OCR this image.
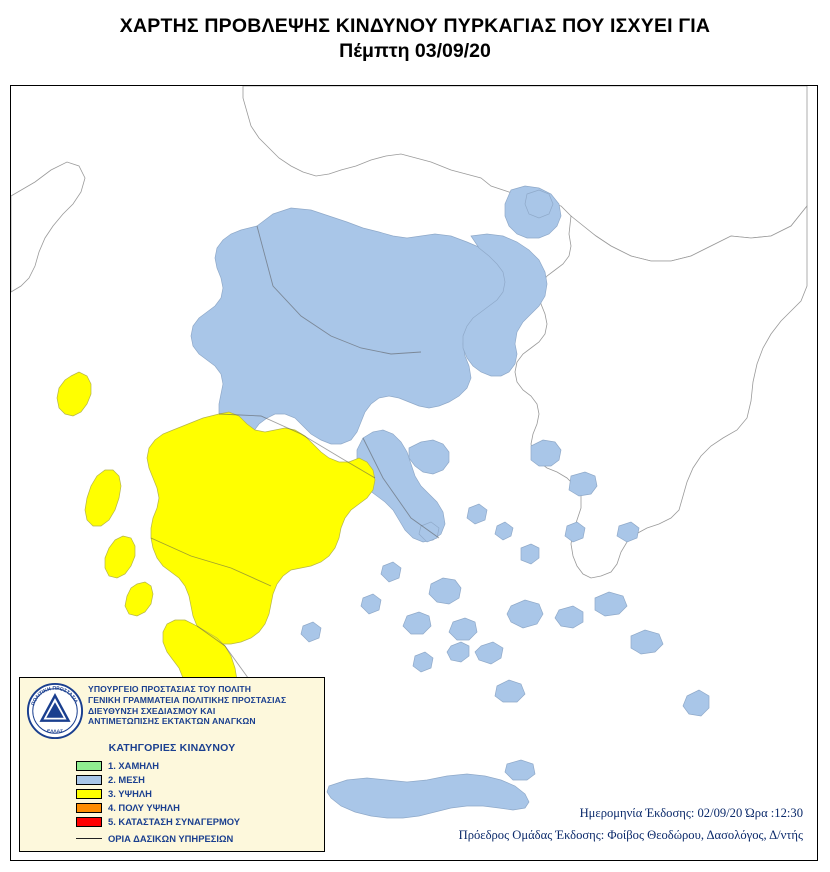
ΧΑΡΤΗΣ ΠΡΟΒΛΕΨΗΣ ΚΙΝΔΥΝΟΥ ΠΥΡΚΑΓΙΑΣ ΠΟΥ ΙΣΧΥΕΙ ΓΙΑ
Πέμπτη 03/09/20
ΠΟΛΙΤΙΚΗ ΠΡΟΣΤΑΣΙΑ
ΕΛΛΑΣ
ΥΠΟΥΡΓΕΙΟ ΠΡΟΣΤΑΣΙΑΣ ΤΟΥ ΠΟΛΙΤΗ
ΓΕΝΙΚΗ ΓΡΑΜΜΑΤΕΙΑ ΠΟΛΙΤΙΚΗΣ ΠΡΟΣΤΑΣΙΑΣ
ΔΙΕΥΘΥΝΣΗ ΣΧΕΔΙΑΣΜΟΥ ΚΑΙ
ΑΝΤΙΜΕΤΩΠΙΣΗΣ ΕΚΤΑΚΤΩΝ ΑΝΑΓΚΩΝ
ΚΑΤΗΓΟΡΙΕΣ ΚΙΝΔΥΝΟΥ
1. ΧΑΜΗΛΗ
2. ΜΕΣΗ
3. ΥΨΗΛΗ
4. ΠΟΛΥ ΥΨΗΛΗ
5. ΚΑΤΑΣΤΑΣΗ ΣΥΝΑΓΕΡΜΟΥ
ΟΡΙΑ ΔΑΣΙΚΩΝ ΥΠΗΡΕΣΙΩΝ
Ημερομηνία Έκδοσης: 02/09/20 Ώρα :12:30
Πρόεδρος Ομάδας Έκδοσης: Φοίβος Θεοδώρου, Δασολόγος, Δ/ντής
